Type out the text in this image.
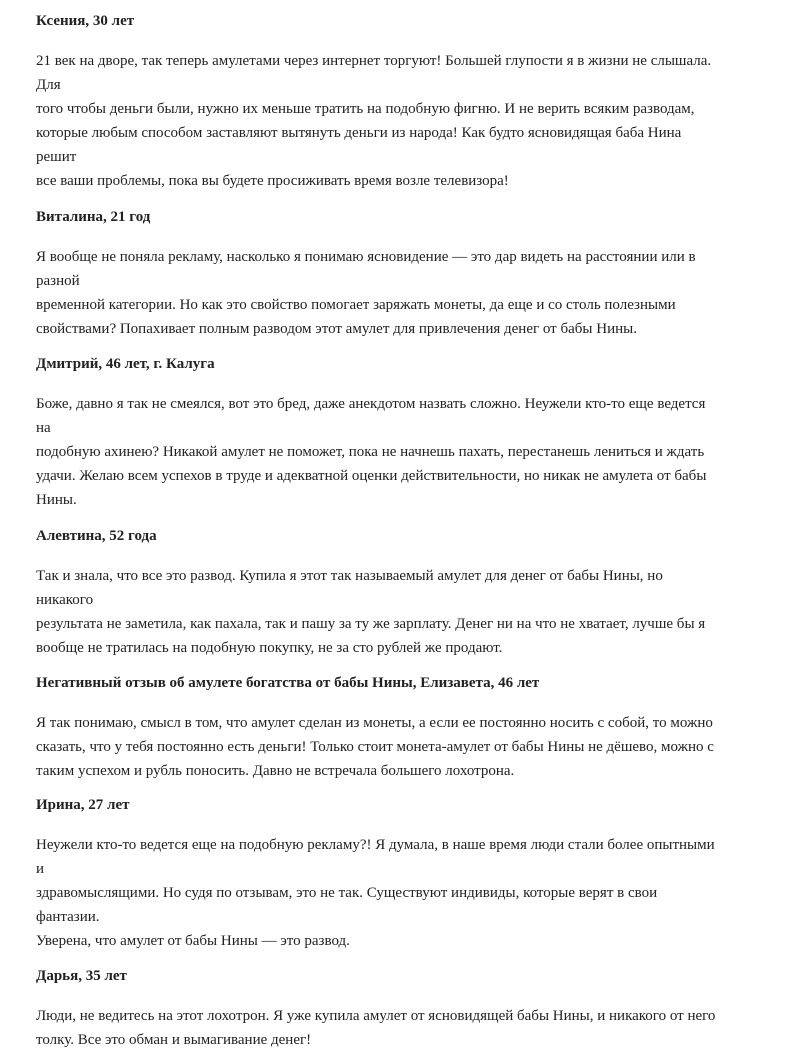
Ксения, 30 лет

21 век на дворе, так теперь амулетами через интернет торгуют! Большей глупости я в жизни не слышала. Для
того чтобы деньги были, нужно их меньше тратить на подобную фигню. И не верить всяким разводам,
которые любым способом заставляют вытянуть деньги из народа! Как будто ясновидящая баба Нина решит
все ваши проблемы, пока вы будете просиживать время возле телевизора!

Виталина, 21 год

Я вообще не поняла рекламу, насколько я понимаю ясновидение — это дар видеть на расстоянии или в разной
временной категории. Но как это свойство помогает заряжать монеты, да еще и со столь полезными
свойствами? Попахивает полным разводом этот амулет для привлечения денег от бабы Нины.

Дмитрий, 46 лет, г. Калуга

Боже, давно я так не смеялся, вот это бред, даже анекдотом назвать сложно. Неужели кто-то еще ведется на
подобную ахинею? Никакой амулет не поможет, пока не начнешь пахать, перестанешь лениться и ждать
удачи. Желаю всем успехов в труде и адекватной оценки действительности, но никак не амулета от бабы
Нины.

Алевтина, 52 года

Так и знала, что все это развод. Купила я этот так называемый амулет для денег от бабы Нины, но никакого
результата не заметила, как пахала, так и пашу за ту же зарплату. Денег ни на что не хватает, лучше бы я
вообще не тратилась на подобную покупку, не за сто рублей же продают.

Негативный отзыв об амулете богатства от бабы Нины, Елизавета, 46 лет

Я так понимаю, смысл в том, что амулет сделан из монеты, а если ее постоянно носить с собой, то можно
сказать, что у тебя постоянно есть деньги! Только стоит монета-амулет от бабы Нины не дёшево, можно с
таким успехом и рубль поносить. Давно не встречала большего лохотрона.

Ирина, 27 лет

Неужели кто-то ведется еще на подобную рекламу?! Я думала, в наше время люди стали более опытными и
здравомыслящими. Но судя по отзывам, это не так. Существуют индивиды, которые верят в свои фантазии.
Уверена, что амулет от бабы Нины — это развод.

Дарья, 35 лет

Люди, не ведитесь на этот лохотрон. Я уже купила амулет от ясновидящей бабы Нины, и никакого от него
толку. Все это обман и вымагивание денег!
